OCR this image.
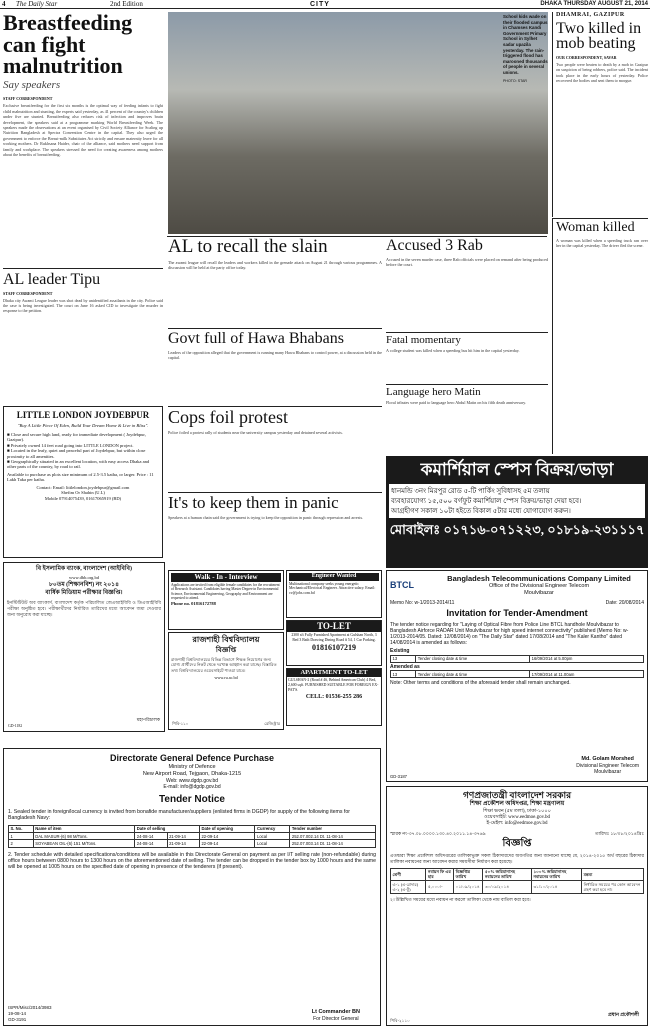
4 The Daily Star	2nd Edition	CITY	DHAKA THURSDAY AUGUST 21, 2014
Breastfeeding can fight malnutrition
Say speakers
STAFF CORRESPONDENT
Exclusive breastfeeding for the first six months is the optimal way of feeding infants to fight child malnutrition and stunting, the experts said yesterday, as 41 percent of the country's children under five are stunted. Breastfeeding also reduces risk of infection and improves brain development, the speakers said at a programme marking World Breastfeeding Week. The speakers made the observations at an event organised by Civil Society Alliance for Scaling up Nutrition Bangladesh at Spectra Convention Centre in the capital. They also urged the government to enforce the Breast-milk Substitutes Act strictly and ensure maternity leave for all working mothers. Dr Rukhsana Haider, chair of the alliance, said mothers need support from family and workplace. The speakers stressed the need for creating awareness among mothers about the benefits of breastfeeding.
AL leader Tipu
STAFF CORRESPONDENT
Dhaka city Awami League leader was shot dead by unidentified assailants in the city. Police said the case is being investigated. The court on June 16 asked CID to investigate the murder in response to the petition.
LITTLE LONDON JOYDEBPUR
"Buy A Little Piece Of Eden, Build Your Dream Home & Live in Bliss".
■ Close and secure high land, ready for immediate development ( Joydebpur, Gazipur).
■ Privately owned 14 feet road going into LITTLE LONDON project.
■ Located in the leafy, quiet and peaceful part of Joydebpur, but within close proximity to all amenities.
■ Geographically situated in an excellent location, with easy access Dhaka and other parts of the country, by road to rail.
Available to purchase as plots size minimum of 2.5-3.5 katha, or larger. Price : 11 Lakh Taka per katha.
Contact: Email: littlelondon.joydebpur@gmail.com
Shefim Or Shahin (U.L)
Mobile 07914075439, 01617065919 (BD)
AL to recall the slain
The awami league will recall the leaders and workers killed in the grenade attack on August 21 through various programmes. A discussion will be held at the party office today.
Govt full of Hawa Bhabans
Leaders of the opposition alleged that the government is running many Hawa Bhabans to control power, at a discussion held in the capital.
Cops foil protest
Police foiled a protest rally of students near the university campus yesterday and detained several activists.
It's to keep them in panic
Speakers at a human chain said the government is trying to keep the opposition in panic through repression and arrests.
Accused 3 Rab
Accused in the seven murder case, three Rab officials were placed on remand after being produced before the court.
Fatal momentary
A college student was killed when a speeding bus hit him in the capital yesterday.
Language hero Matin
Floral tributes were paid to language hero Abdul Matin on his fifth death anniversary.
School kids wade on their flooded campus in Chamses Kandi Government Primary School in Sylhet sadar upazila yesterday. The rain-triggered flood has marooned thousands of people in several unions.
PHOTO: STAR
DHAMRAI, GAZIPUR
Two killed in mob beating
OUR CORRESPONDENT, SAVAR
Two people were beaten to death by a mob in Gazipur on suspicion of being robbers, police said. The incident took place in the early hours of yesterday. Police recovered the bodies and sent them to morgue.
Woman killed
A woman was killed when a speeding truck ran over her in the capital yesterday. The driver fled the scene.
কমার্শিয়াল স্পেস বিক্রয়/ভাড়া
ধানমন্ডি ৩নং মিরপুর রোড ৫-টি পার্কিং সুবিধাসহ ৫ম তলায়
ব্যবহারযোগ্য ১৫,৫০০ বর্গফুট কমার্শিয়াল স্পেস বিক্রয়/ভাড়া দেয়া হবে।
আগ্রহীগণ সকাল ১০টা হইতে বিকাল ৫টার মধ্যে যোগাযোগ করুন।
মোবাইলঃ ০১৭১৬-০৭১২২৩, ০১৮১৯-২৩১১১৭
বি ইসলামিক ব্যাংক, বাংলাদেশ (আইবিবি)
www.dbb.org.bd
৮০তম (শিক্ষানবিশ) নং ২০১৪
বার্ষিক মিডিয়াম পরীক্ষার বিজ্ঞপ্তি।
ইনস্টিটিউট অব ব্যাংকার্স, বাংলাদেশ কর্তৃক পরিচালিত জেএআইবিবি ও ডিএআইবিবি পরীক্ষা অনুষ্ঠিত হবে। পরীক্ষার্থীদের নির্ধারিত তারিখের মধ্যে আবেদন জমা দেওয়ার জন্য অনুরোধ করা যাচ্ছে।
মহাপরিচালক
GD-1182
Walk - In - Interview
Applications are invited from eligible female candidates for the recruitment of Research Assistant. Candidates having Master Degree in Environmental Science, Environmental Engineering, Geography and Environment are requested to attend.
Phone no. 01816172788
Engineer Wanted
Multinational company seeks young energetic Mechanical/Electrical Engineer. Attractive salary. Email: cv@jobs.com.bd
TO-LET
2300 sft Fully Furnished Apartment at Gulshan North, 3 Bed 3 Bath Drawing Dining Road # 54, 1 Car Parking.
01816107219
APARTMENT TO-LET
GULSHAN-2 (Road # 46, Behind American Club) 4 Bed, 2,600 sqft. FURNISHED SUITABLE FOR FOREIGN EX-PAT'S.
CELL: 01536-255 286
রাজশাহী বিশ্ববিদ্যালয়
বিজ্ঞপ্তি
রাজশাহী বিশ্ববিদ্যালয়ের বিভিন্ন বিভাগে শিক্ষক নিয়োগের জন্য যোগ্য প্রার্থীদের নিকট থেকে দরখাস্ত আহ্বান করা যাচ্ছে। বিস্তারিত তথ্য বিশ্ববিদ্যালয়ের ওয়েবসাইটে পাওয়া যাবে।
www.ru.ac.bd
রেজিস্ট্রার
পিবি-১১০
BTCL
Bangladesh Telecommunications Company Limited
Office of the Divisional Engineer Telecom
Moulvibazar
Memo No: w-1/2013-2014/11	Date: 20/08/2014
Invitation for Tender-Amendment
The tender notice regarding for "Laying of Optical Fibre from Police Line BTCL handhole Moulvibazar to Bangladesh Airforce RADAR Unit Moulvibazar for high speed internet connectivity" published (Memo No: w-1/2013-2014/05. Dated: 12/08/2014) on "The Daily Star" dated 17/08/2014 and "The Kaler Kantho" dated 14/08/2014 is amended as follows:
Existing
13	Tender closing date & time	16/09/2014 at 5.00pm
Amended as
13	Tender closing date & time	17/09/2014 at 11.00am
Note: Other terms and conditions of the aforesaid tender shall remain unchanged.
Md. Golam Morshed
Divisional Engineer Telecom
Moulvibazar
GD-3187
Directorate General Defence Purchase
Ministry of Defence
New Airport Road, Tejgaon, Dhaka-1215
Web: www.dgdp.gov.bd
E-mail: info@dgdp.gov.bd
Tender Notice
1. Sealed tender in foreign/local currency is invited from bonafide manufacturer/suppliers (enlisted firms in DGDP) for supply of the following items for Bangladesh Navy:
S. No.	Name of item	Date of selling		Date of opening	Currency	Tender number
1	DAL MASUR-(6) 98 M/Tons.	24-08-14	21-09-14	22-09-14	Local	252.07.002.14 Dt. 11-08-14
2	SOYABEAN OIL-(6) 151 M/Tons.	24-08-14	21-09-14	22-09-14	Local	252.07.003.14 Dt. 11-08-14
2. Tender schedule with detailed specifications/conditions will be available in this Directorate General on payment as per I/T selling rate (non-refundable) during office hours between 0800 hours to 1300 hours on the aforementioned date of selling. The tender can be dropped in the tender box by 1000 hours and the same will be opened at 1005 hours on the specified date of opening in presence of the tenderers (if present).
ISPR/Misc/2014/3983
19-08-14
GD-3191
Lt Commander BN
For Director General
গণপ্রজাতন্ত্রী বাংলাদেশ সরকার
শিক্ষা প্রকৌশল অধিদপ্তর, শিক্ষা মন্ত্রণালয়
শিক্ষা ভবন (৫ম তলা), ঢাকা-১০০০
ওয়েবসাইট: www.eedmoe.gov.bd
ই-মেইল: info@eedmoe.gov.bd
স্মারক নং-৩৭.০৮.০০০০.১৩০.৪০.২০১১.১৪-৩৭৬৯	তারিখঃ ১৮/০৮/২০১৪খ্রিঃ
বিজ্ঞপ্তি
এতদ্বারা শিক্ষা প্রকৌশল অধিদপ্তরের তালিকাভুক্ত সকল ঠিকাদারদের অবগতির জন্য জানানো যাচ্ছে যে, ২০১৪-২০১৫ অর্থ বছরের ঠিকাদার তালিকা নবায়নের জন্য আবেদন করার সময়সীমা নির্ধারণ করা হয়েছে।
শ্রেণী	নবায়ন ফি এর হার	বিজ্ঞপ্তির তারিখ	৫০% জরিমানাসহ নবায়নের তারিখ	১০০% জরিমানাসহ নবায়নের তারিখ	মন্তব্য
এ-১ (এ-ব্রাদার) এ-২ (এ-টু)	৫,০০০/-	০১/০৯/২০১৪	৩০/০৯/২০১৪	৩১/১০/২০১৪	নির্ধারিত সময়ের পর কোন আবেদন গ্রহণ করা হবে না।
২। উল্লিখিত সময়ের মধ্যে নবায়ন না করলে তালিকা থেকে নাম বাতিল করা হবে।
প্রধান প্রকৌশলী
পিবি-২১১০
